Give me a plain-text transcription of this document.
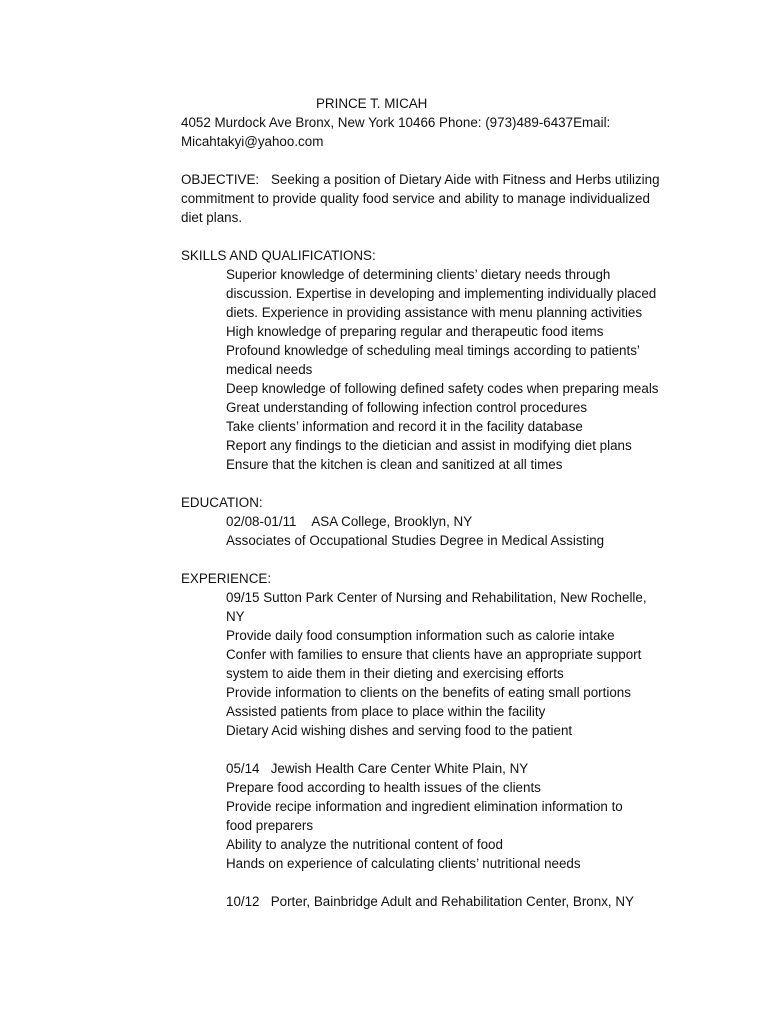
PRINCE T. MICAH
4052 Murdock Ave Bronx, New York 10466 Phone: (973)489-6437Email:
Micahtakyi@yahoo.com
OBJECTIVE: Seeking a position of Dietary Aide with Fitness and Herbs utilizing
commitment to provide quality food service and ability to manage individualized
diet plans.
SKILLS AND QUALIFICATIONS:
Superior knowledge of determining clients’ dietary needs through
discussion. Expertise in developing and implementing individually placed
diets. Experience in providing assistance with menu planning activities
High knowledge of preparing regular and therapeutic food items
Profound knowledge of scheduling meal timings according to patients’
medical needs
Deep knowledge of following defined safety codes when preparing meals
Great understanding of following infection control procedures
Take clients’ information and record it in the facility database
Report any findings to the dietician and assist in modifying diet plans
Ensure that the kitchen is clean and sanitized at all times
EDUCATION:
02/08-01/11 ASA College, Brooklyn, NY
Associates of Occupational Studies Degree in Medical Assisting
EXPERIENCE:
09/15 Sutton Park Center of Nursing and Rehabilitation, New Rochelle,
NY
Provide daily food consumption information such as calorie intake
Confer with families to ensure that clients have an appropriate support
system to aide them in their dieting and exercising efforts
Provide information to clients on the benefits of eating small portions
Assisted patients from place to place within the facility
Dietary Acid wishing dishes and serving food to the patient
05/14 Jewish Health Care Center White Plain, NY
Prepare food according to health issues of the clients
Provide recipe information and ingredient elimination information to
food preparers
Ability to analyze the nutritional content of food
Hands on experience of calculating clients’ nutritional needs
10/12 Porter, Bainbridge Adult and Rehabilitation Center, Bronx, NY
